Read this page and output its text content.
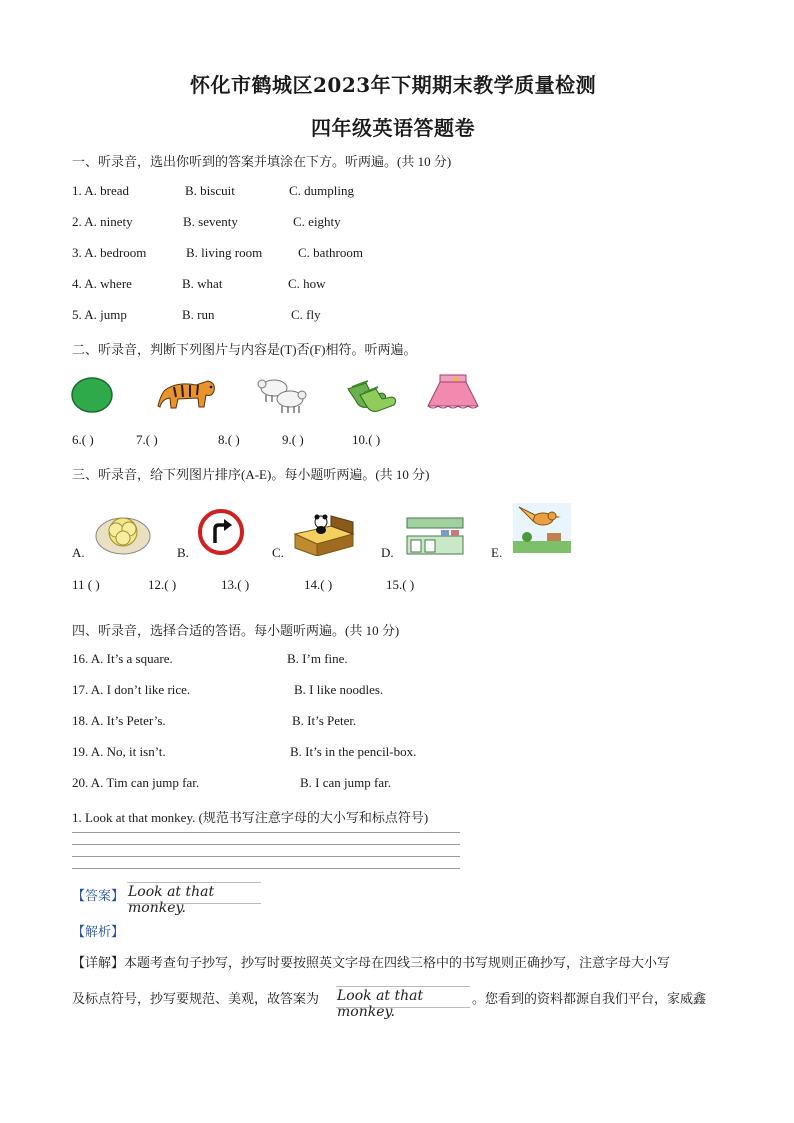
怀化市鹤城区2023年下期期末教学质量检测
四年级英语答题卷
一、听录音，选出你听到的答案并填涂在下方。听两遍。(共 10 分)
1. A. bread	B. biscuit	C. dumpling
2. A. ninety	B. seventy	C. eighty
3. A. bedroom	B. living room	C. bathroom
4. A. where	B. what	C. how
5. A. jump	B. run	C. fly
二、听录音，判断下列图片与内容是(T)否(F)相符。听两遍。
6.( )	7.( )	8.( )	9.( )	10.( )
三、听录音，给下列图片排序(A-E)。每小题听两遍。(共 10 分)
A.	B.	C.	D.	E.
11 ( )	12.( )	13.( )	14.( )	15.( )
四、听录音，选择合适的答语。每小题听两遍。(共 10 分)
16. A. It’s a square.	B. I’m fine.
17. A. I don’t like rice.	B. I like noodles.
18. A. It’s Peter’s.	B. It’s Peter.
19. A. No, it isn’t.	B. It’s in the pencil-box.
20. A. Tim can jump far.	B. I can jump far.
1. Look at that monkey. (规范书写注意字母的大小写和标点符号)
【答案】 Look at that monkey.
【解析】
【详解】本题考查句子抄写，抄写时要按照英文字母在四线三格中的书写规则正确抄写，注意字母大小写
及标点符号，抄写要规范、美观，故答案为 Look at that monkey.
。您看到的资料都源自我们平台，家威鑫
